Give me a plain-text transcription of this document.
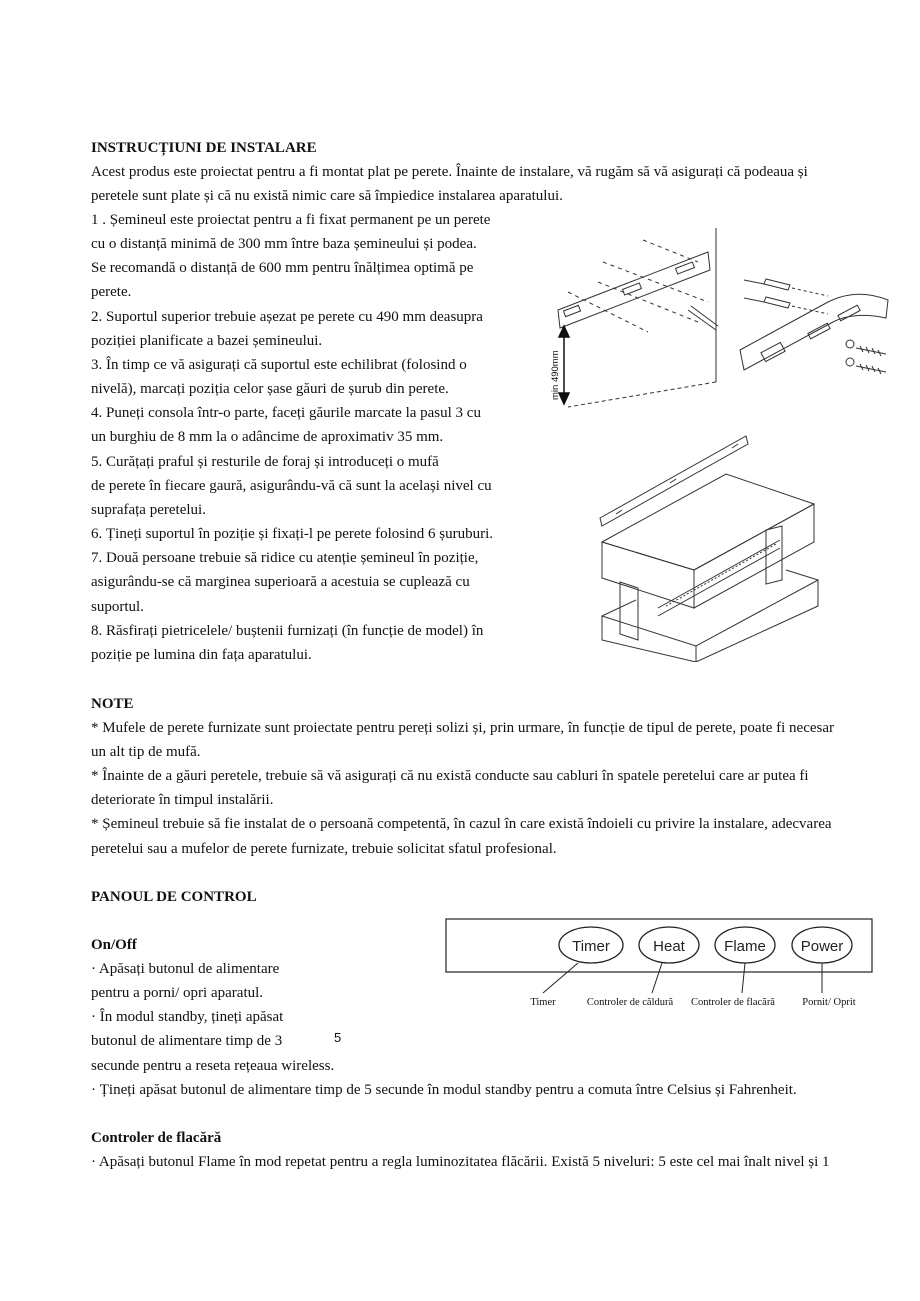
INSTRUCȚIUNI DE INSTALARE
Acest produs este proiectat pentru a fi montat plat pe perete. Înainte de instalare, vă rugăm să vă asigurați că podeaua și
peretele sunt plate și că nu există nimic care să împiedice instalarea aparatului.
1 . Șemineul este proiectat pentru a fi fixat permanent pe un perete
cu o distanță minimă de 300 mm între baza șemineului și podea.
Se recomandă o distanță de 600 mm pentru înălțimea optimă pe
perete.
2. Suportul superior trebuie așezat pe perete cu 490 mm deasupra
poziției planificate a bazei șemineului.
3. În timp ce vă asigurați că suportul este echilibrat (folosind o
nivelă), marcați poziția celor șase găuri de șurub din perete.
4. Puneți consola într-o parte, faceți găurile marcate la pasul 3 cu
un burghiu de 8 mm la o adâncime de aproximativ 35 mm.
5. Curățați praful și resturile de foraj și introduceți o mufă
de perete în fiecare gaură, asigurându-vă că sunt la același nivel cu
suprafața peretelui.
6. Țineți suportul în poziție și fixați-l pe perete folosind 6 șuruburi.
7. Două persoane trebuie să ridice cu atenție șemineul în poziție,
asigurându-se că marginea superioară a acestuia se cuplează cu
suportul.
8. Răsfirați pietricelele/ buștenii furnizați (în funcție de model) în
poziție pe lumina din fața aparatului.
min 490mm
NOTE
* Mufele de perete furnizate sunt proiectate pentru pereți solizi și, prin urmare, în funcție de tipul de perete, poate fi necesar
un alt tip de mufă.
* Înainte de a găuri peretele, trebuie să vă asigurați că nu există conducte sau cabluri în spatele peretelui care ar putea fi
deteriorate în timpul instalării.
* Șemineul trebuie să fie instalat de o persoană competentă, în cazul în care există îndoieli cu privire la instalare, adecvarea
peretelui sau a mufelor de perete furnizate, trebuie solicitat sfatul profesional.
PANOUL DE CONTROL
Timer	Heat	Flame Power
Timer	Controler de căldură Controler de flacără	Pornit/ Oprit
On/Off
· Apăsați butonul de alimentare
pentru a porni/ opri aparatul.
· În modul standby, țineți apăsat
butonul de alimentare timp de 3	5
secunde pentru a reseta rețeaua wireless.
· Țineți apăsat butonul de alimentare timp de 5 secunde în modul standby pentru a comuta între Celsius și Fahrenheit.
Controler de flacără
· Apăsați butonul Flame în mod repetat pentru a regla luminozitatea flăcării. Există 5 niveluri: 5 este cel mai înalt nivel și 1
